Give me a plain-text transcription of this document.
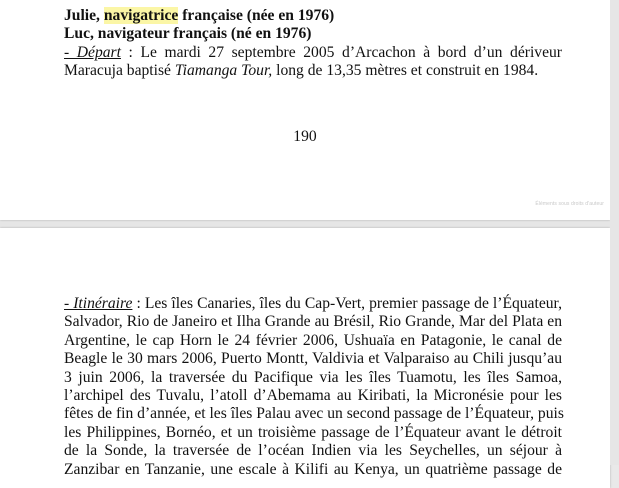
Julie, navigatrice française (née en 1976)
Luc, navigateur français (né en 1976)
- Départ : Le mardi 27 septembre 2005 d’Arcachon à bord d’un dériveur
Maracuja baptisé Tiamanga Tour, long de 13,35 mètres et construit en 1984.
190
Éléments sous droits d'auteur
- Itinéraire : Les îles Canaries, îles du Cap-Vert, premier passage de l’Équateur,
Salvador, Rio de Janeiro et Ilha Grande au Brésil, Rio Grande, Mar del Plata en
Argentine, le cap Horn le 24 février 2006, Ushuaïa en Patagonie, le canal de
Beagle le 30 mars 2006, Puerto Montt, Valdivia et Valparaiso au Chili jusqu’au
3 juin 2006, la traversée du Pacifique via les îles Tuamotu, les îles Samoa,
l’archipel des Tuvalu, l’atoll d’Abemama au Kiribati, la Micronésie pour les
fêtes de fin d’année, et les îles Palau avec un second passage de l’Équateur, puis
les Philippines, Bornéo, et un troisième passage de l’Équateur avant le détroit
de la Sonde, la traversée de l’océan Indien via les Seychelles, un séjour à
Zanzibar en Tanzanie, une escale à Kilifi au Kenya, un quatrième passage de
